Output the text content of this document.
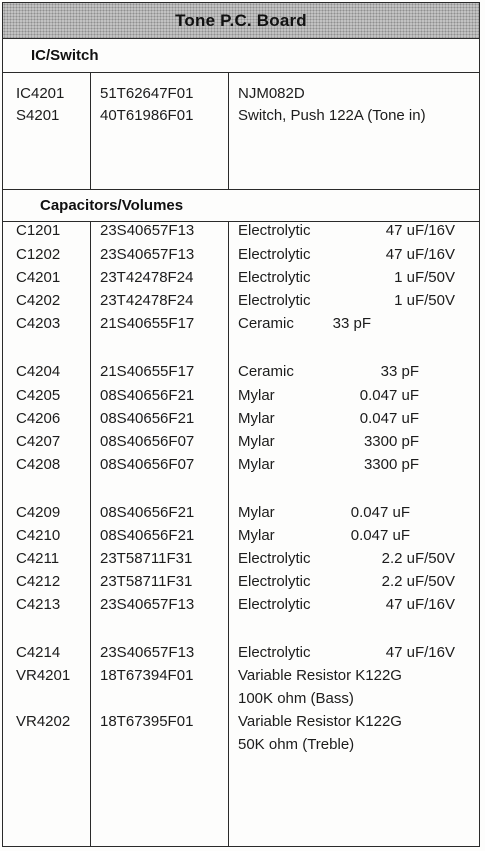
Tone P.C. Board
IC/Switch
IC4201 51T62647F01	NJM082D
S4201	40T61986F01	Switch, Push 122A (Tone in)
Capacitors/Volumes
C1201	23S40657F13	Electrolytic	47 uF/16V
C1202	23S40657F13	Electrolytic	47 uF/16V
C4201	23T42478F24	Electrolytic	1 uF/50V
C4202	23T42478F24	Electrolytic	1 uF/50V
C4203	21S40655F17	Ceramic	33 pF
C4204	21S40655F17	Ceramic	33 pF
C4205	08S40656F21	Mylar	0.047 uF
C4206	08S40656F21	Mylar	0.047 uF
C4207	08S40656F07	Mylar	3300 pF
C4208	08S40656F07	Mylar	3300 pF
C4209	08S40656F21	Mylar	0.047 uF
C4210	08S40656F21	Mylar	0.047 uF
C4211	23T58711F31	Electrolytic	2.2 uF/50V
C4212	23T58711F31	Electrolytic	2.2 uF/50V
C4213	23S40657F13	Electrolytic	47 uF/16V
C4214	23S40657F13	Electrolytic	47 uF/16V
VR4201 18T67394F01	Variable Resistor K122G
100K ohm (Bass)
VR4202 18T67395F01	Variable Resistor K122G
50K ohm (Treble)
